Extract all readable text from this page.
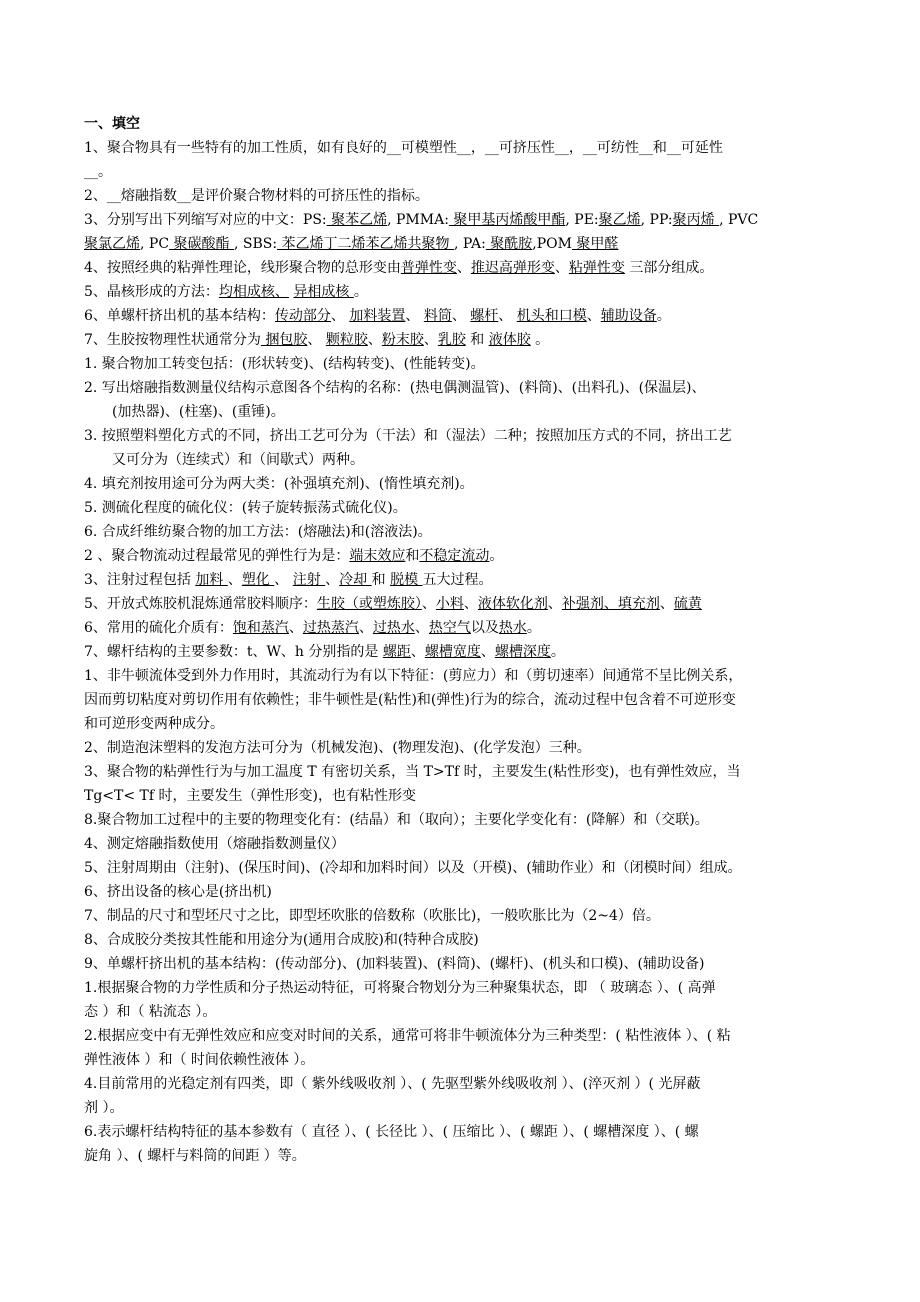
一、填空
1、聚合物具有一些特有的加工性质，如有良好的__可模塑性__，__可挤压性__，__可纺性__和__可延性
__。
2、__熔融指数__是评价聚合物材料的可挤压性的指标。
3、分别写出下列缩写对应的中文：PS: 聚苯乙烯, PMMA: 聚甲基丙烯酸甲酯, PE:聚乙烯, PP:聚丙烯 , PVC
聚氯乙烯, PC 聚碳酸酯 , SBS: 苯乙烯丁二烯苯乙烯共聚物 , PA: 聚酰胺,POM 聚甲醛
4、按照经典的粘弹性理论，线形聚合物的总形变由普弹性变、推迟高弹形变、粘弹性变 三部分组成。
5、晶核形成的方法：均相成核、 异相成核 。
6、单螺杆挤出机的基本结构：传动部分、 加料装置、 料筒、 螺杆、 机头和口模、辅助设备。
7、生胶按物理性状通常分为 捆包胶、 颗粒胶、粉末胶、乳胶 和 液体胶 。
1. 聚合物加工转变包括：(形状转变)、(结构转变)、(性能转变)。
2. 写出熔融指数测量仪结构示意图各个结构的名称：(热电偶测温管)、(料筒)、(出料孔)、(保温层)、
(加热器)、(柱塞)、(重锤)。
3. 按照塑料塑化方式的不同，挤出工艺可分为（干法）和（湿法）二种；按照加压方式的不同，挤出工艺
又可分为（连续式）和（间歇式）两种。
4. 填充剂按用途可分为两大类：(补强填充剂)、(惰性填充剂)。
5. 测硫化程度的硫化仪：(转子旋转振荡式硫化仪)。
6. 合成纤维纺聚合物的加工方法：(熔融法)和(溶液法)。
2 、聚合物流动过程最常见的弹性行为是：端末效应和不稳定流动。
3、注射过程包括 加料 、塑化 、 注射 、冷却 和 脱模 五大过程。
5、开放式炼胶机混炼通常胶料顺序：生胶（或塑炼胶）、小料、液体软化剂、补强剂、填充剂、硫黄
6、常用的硫化介质有：饱和蒸汽、过热蒸汽、过热水、热空气以及热水。
7、螺杆结构的主要参数：t、W、h 分别指的是 螺距、螺槽宽度、螺槽深度。
1、非牛顿流体受到外力作用时，其流动行为有以下特征：(剪应力）和（剪切速率）间通常不呈比例关系，
因而剪切粘度对剪切作用有依赖性；非牛顿性是(粘性)和(弹性)行为的综合，流动过程中包含着不可逆形变
和可逆形变两种成分。
2、制造泡沫塑料的发泡方法可分为（机械发泡)、(物理发泡)、(化学发泡）三种。
3、聚合物的粘弹性行为与加工温度 T 有密切关系，当 T>Tf 时，主要发生(粘性形变)，也有弹性效应，当
Tg<T< Tf 时，主要发生（弹性形变)，也有粘性形变
8.聚合物加工过程中的主要的物理变化有：(结晶）和（取向）；主要化学变化有：(降解）和（交联)。
4、测定熔融指数使用（熔融指数测量仪）
5、注射周期由（注射)、(保压时间)、(冷却和加料时间）以及（开模)、(辅助作业）和（闭模时间）组成。
6、挤出设备的核心是(挤出机)
7、制品的尺寸和型坯尺寸之比，即型坯吹胀的倍数称（吹胀比)，一般吹胀比为（2~4）倍。
8、合成胶分类按其性能和用途分为(通用合成胶)和(特种合成胶)
9、单螺杆挤出机的基本结构：(传动部分)、(加料装置)、(料筒)、(螺杆)、(机头和口模)、(辅助设备)
1.根据聚合物的力学性质和分子热运动特征，可将聚合物划分为三种聚集状态，即 （ 玻璃态 ）、( 高弹
态 ）和（ 粘流态 ）。
2.根据应变中有无弹性效应和应变对时间的关系，通常可将非牛顿流体分为三种类型：( 粘性液体 ）、( 粘
弹性液体 ）和（ 时间依赖性液体 ）。
4.目前常用的光稳定剂有四类，即（ 紫外线吸收剂 ）、( 先驱型紫外线吸收剂 ）、(淬灭剂 ）( 光屏蔽
剂 ）。
6.表示螺杆结构特征的基本参数有（ 直径 ）、( 长径比 ）、( 压缩比 ）、( 螺距 ）、( 螺槽深度 ）、( 螺
旋角 ）、( 螺杆与料筒的间距 ）等。
